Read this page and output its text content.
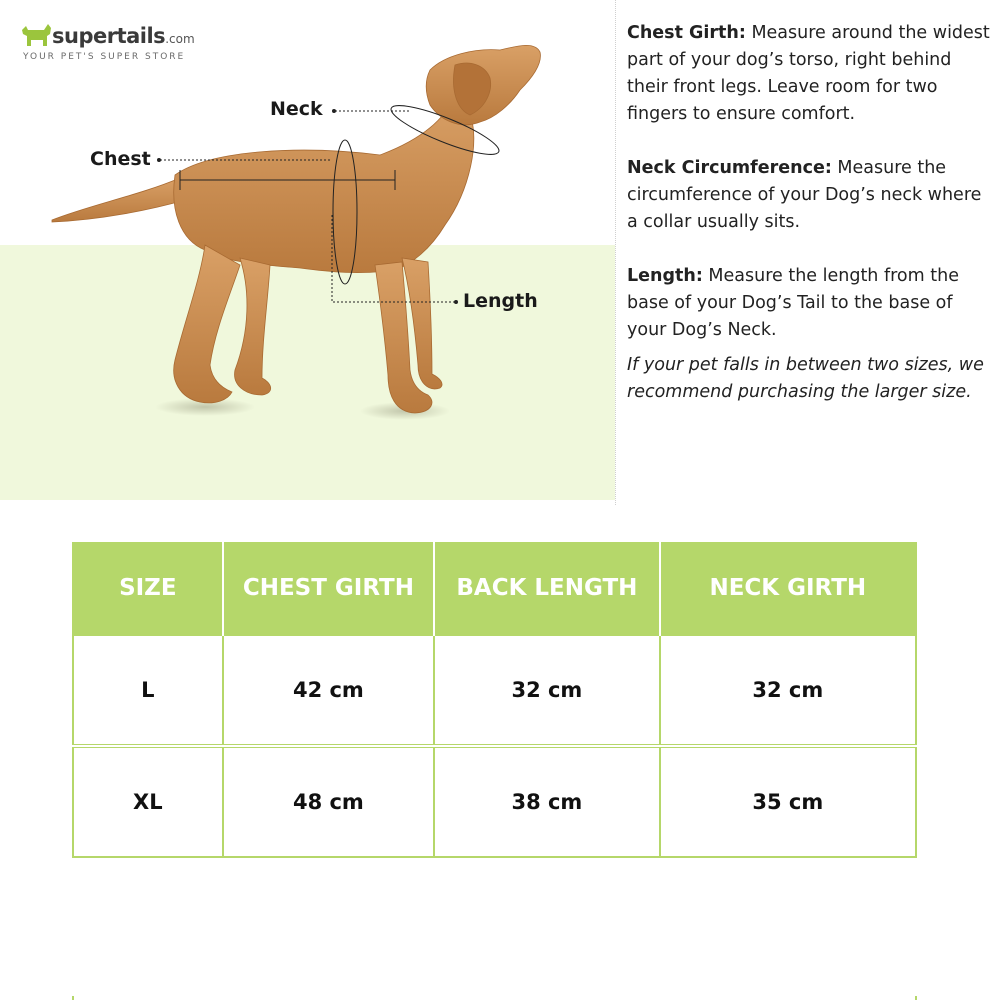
supertails.com
YOUR PET'S SUPER STORE
Neck
Chest
Length

Chest Girth: Measure around the widest part of your dog’s torso, right behind their front legs. Leave room for two fingers to ensure comfort.

Neck Circumference: Measure the circumference of your Dog’s neck where a collar usually sits.

Length: Measure the length from the base of your Dog’s Tail to the base of your Dog’s Neck.

If your pet falls in between two sizes, we recommend purchasing the larger size.

SIZE	CHEST GIRTH	BACK LENGTH	NECK GIRTH
L	42 cm	32 cm	32 cm
XL	48 cm	38 cm	35 cm
